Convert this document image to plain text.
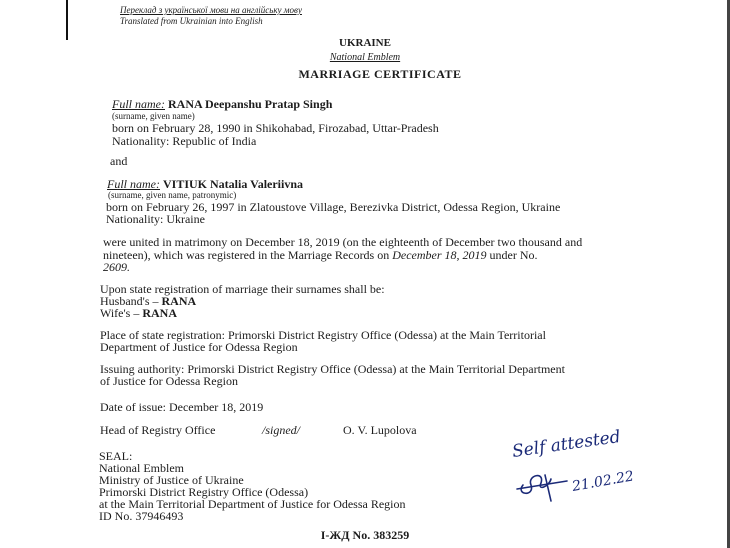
Переклад з української мови на англійську мову
Translated from Ukrainian into English
UKRAINE
National Emblem
MARRIAGE CERTIFICATE
Full name: RANA Deepanshu Pratap Singh
(surname, given name)
born on February 28, 1990 in Shikohabad, Firozabad, Uttar-Pradesh
Nationality: Republic of India
and
Full name: VITIUK Natalia Valeriivna
(surname, given name, patronymic)
born on February 26, 1997 in Zlatoustove Village, Berezivka District, Odessa Region, Ukraine
Nationality: Ukraine
were united in matrimony on December 18, 2019 (on the eighteenth of December two thousand and
nineteen), which was registered in the Marriage Records on December 18, 2019 under No.
2609.
Upon state registration of marriage their surnames shall be:
Husband's – RANA
Wife's – RANA
Place of state registration: Primorski District Registry Office (Odessa) at the Main Territorial
Department of Justice for Odessa Region
Issuing authority: Primorski District Registry Office (Odessa) at the Main Territorial Department
of Justice for Odessa Region
Date of issue: December 18, 2019
Head of Registry Office	/signed/	O. V. Lupolova
SEAL:
National Emblem
Ministry of Justice of Ukraine
Primorski District Registry Office (Odessa)
at the Main Territorial Department of Justice for Odessa Region
ID No. 37946493
I-ЖД No. 383259
Self attested
21.02.22
